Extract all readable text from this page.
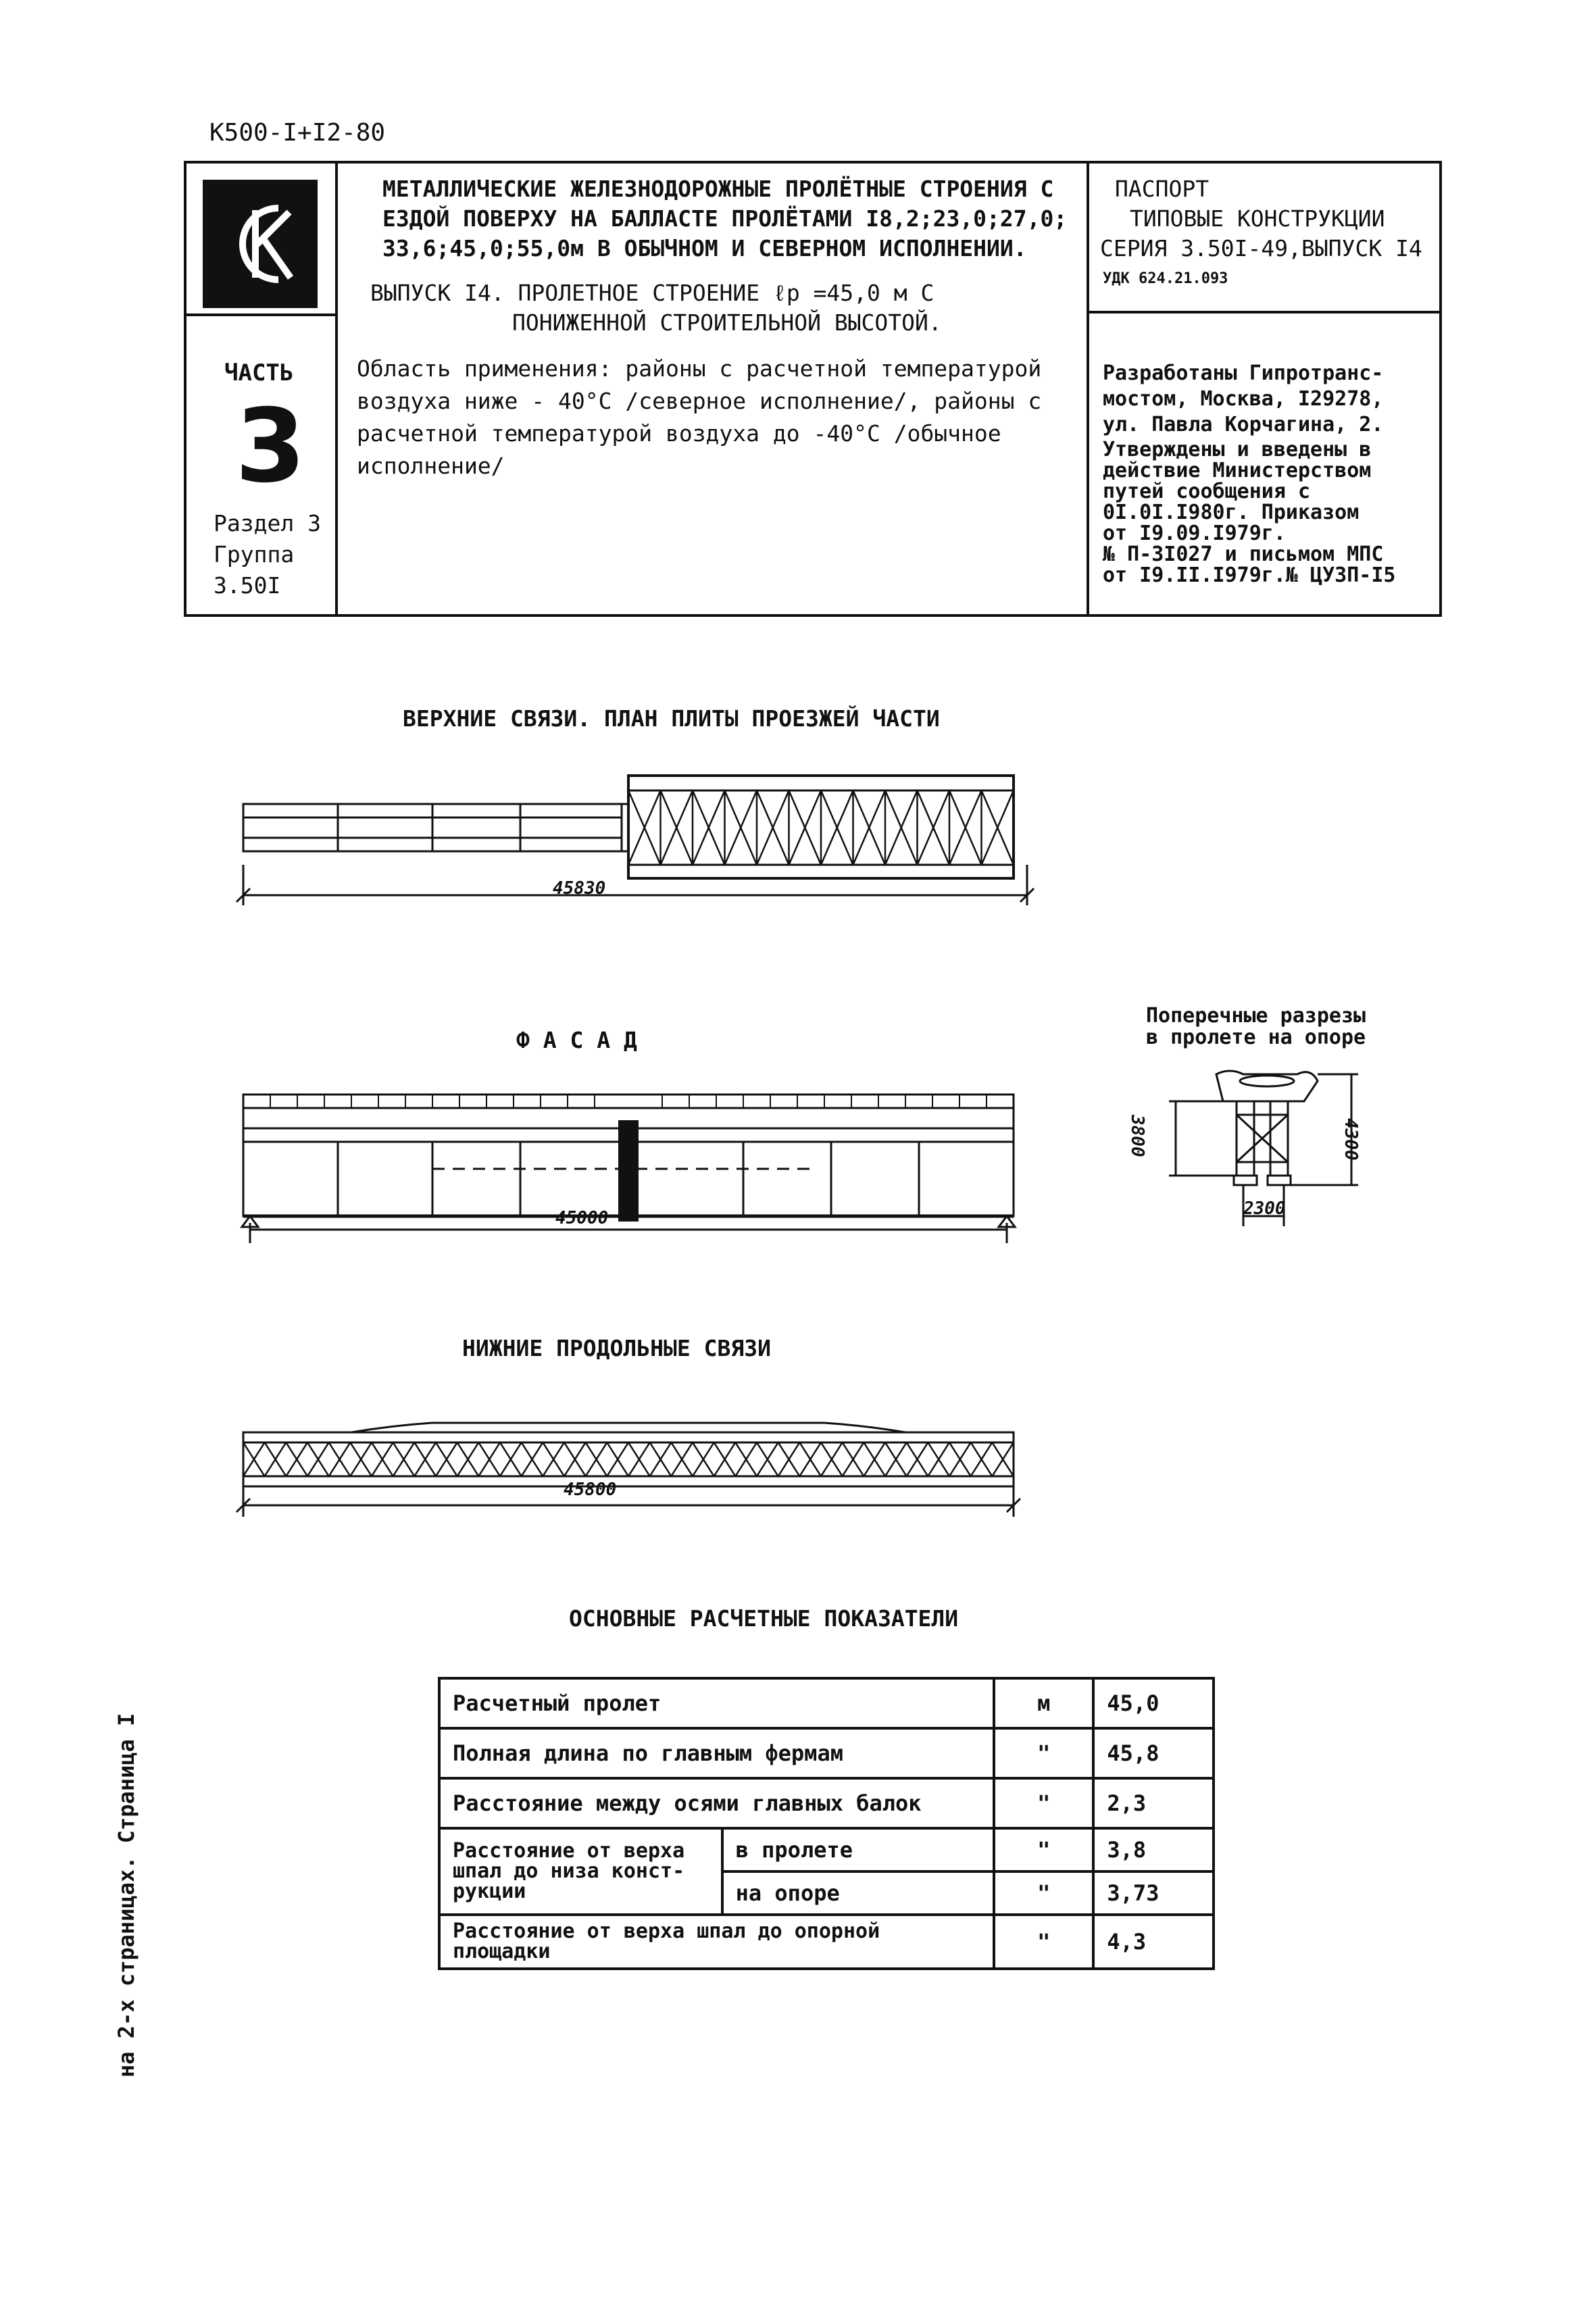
К500-I+I2-80
ЧАСТЬ
3
Раздел 3
Группа
3.50I
МЕТАЛЛИЧЕСКИЕ ЖЕЛЕЗНОДОРОЖНЫЕ ПРОЛЁТНЫЕ СТРОЕНИЯ С
ЕЗДОЙ ПОВЕРХУ НА БАЛЛАСТЕ ПРОЛЁТАМИ I8,2;23,0;27,0;
33,6;45,0;55,0м В ОБЫЧНОМ И СЕВЕРНОМ ИСПОЛНЕНИИ.
ВЫПУСК I4. ПРОЛЕТНОЕ СТРОЕНИЕ ℓр =45,0 м С
ПОНИЖЕННОЙ СТРОИТЕЛЬНОЙ ВЫСОТОЙ.
Область применения: районы с расчетной температурой
воздуха ниже - 40°С /северное исполнение/, районы с
расчетной температурой воздуха до -40°С /обычное
исполнение/
ПАСПОРТ
ТИПОВЫЕ КОНСТРУКЦИИ
СЕРИЯ 3.50I-49,ВЫПУСК I4
УДК 624.21.093
Разработаны Гипротранс-
мостом, Москва, I29278,
ул. Павла Корчагина, 2.
Утверждены и введены в
действие Министерством
путей сообщения с
0I.0I.I980г. Приказом
от I9.09.I979г.
№ П-3I027 и письмом МПС
от I9.II.I979г.№ ЦУЗП-I5
ВЕРХНИЕ СВЯЗИ. ПЛАН ПЛИТЫ ПРОЕЗЖЕЙ ЧАСТИ
45830
Ф А С А Д
45000
Поперечные разрезы
в пролете на опоре
3800	4300
2300
НИЖНИЕ ПРОДОЛЬНЫЕ СВЯЗИ
45800
ОСНОВНЫЕ РАСЧЕТНЫЕ ПОКАЗАТЕЛИ
Расчетный пролет		м	45,0
Полная длина по главным фермам		"	45,8
Расстояние между осями главных балок		"	2,3
Расстояние от верха шпал до низа конст-рукции	в пролете	"	3,8
	на опоре	"	3,73
Расстояние от верха шпал до опорной площадки		"	4,3
на 2-х страницах. Страница I
